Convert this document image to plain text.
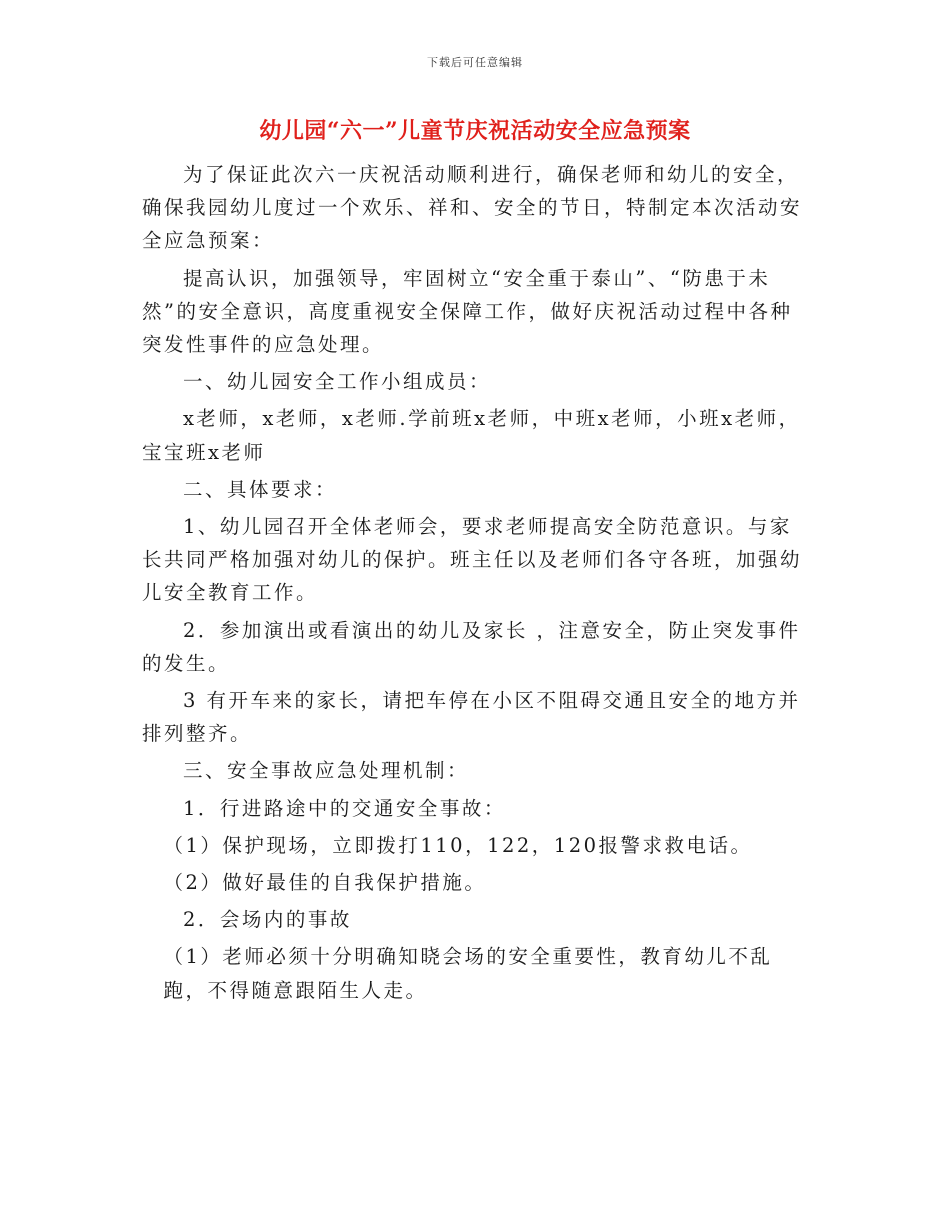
下载后可任意编辑
幼儿园“六一”儿童节庆祝活动安全应急预案

为了保证此次六一庆祝活动顺利进行，确保老师和幼儿的安全，确保我园幼儿度过一个欢乐、祥和、安全的节日，特制定本次活动安全应急预案：

提高认识，加强领导，牢固树立“安全重于泰山”、“防患于未然”的安全意识，高度重视安全保障工作，做好庆祝活动过程中各种突发性事件的应急处理。

一、幼儿园安全工作小组成员：

x老师，x老师，x老师.学前班x老师，中班x老师，小班x老师，宝宝班x老师

二、具体要求：

1、幼儿园召开全体老师会，要求老师提高安全防范意识。与家长共同严格加强对幼儿的保护。班主任以及老师们各守各班，加强幼儿安全教育工作。

2．参加演出或看演出的幼儿及家长 ，注意安全，防止突发事件的发生。

3 有开车来的家长，请把车停在小区不阻碍交通且安全的地方并排列整齐。

三、安全事故应急处理机制：

1．行进路途中的交通安全事故：

（1）保护现场，立即拨打110，122，120报警求救电话。

（2）做好最佳的自我保护措施。

2．会场内的事故

（1）老师必须十分明确知晓会场的安全重要性，教育幼儿不乱跑，不得随意跟陌生人走。
